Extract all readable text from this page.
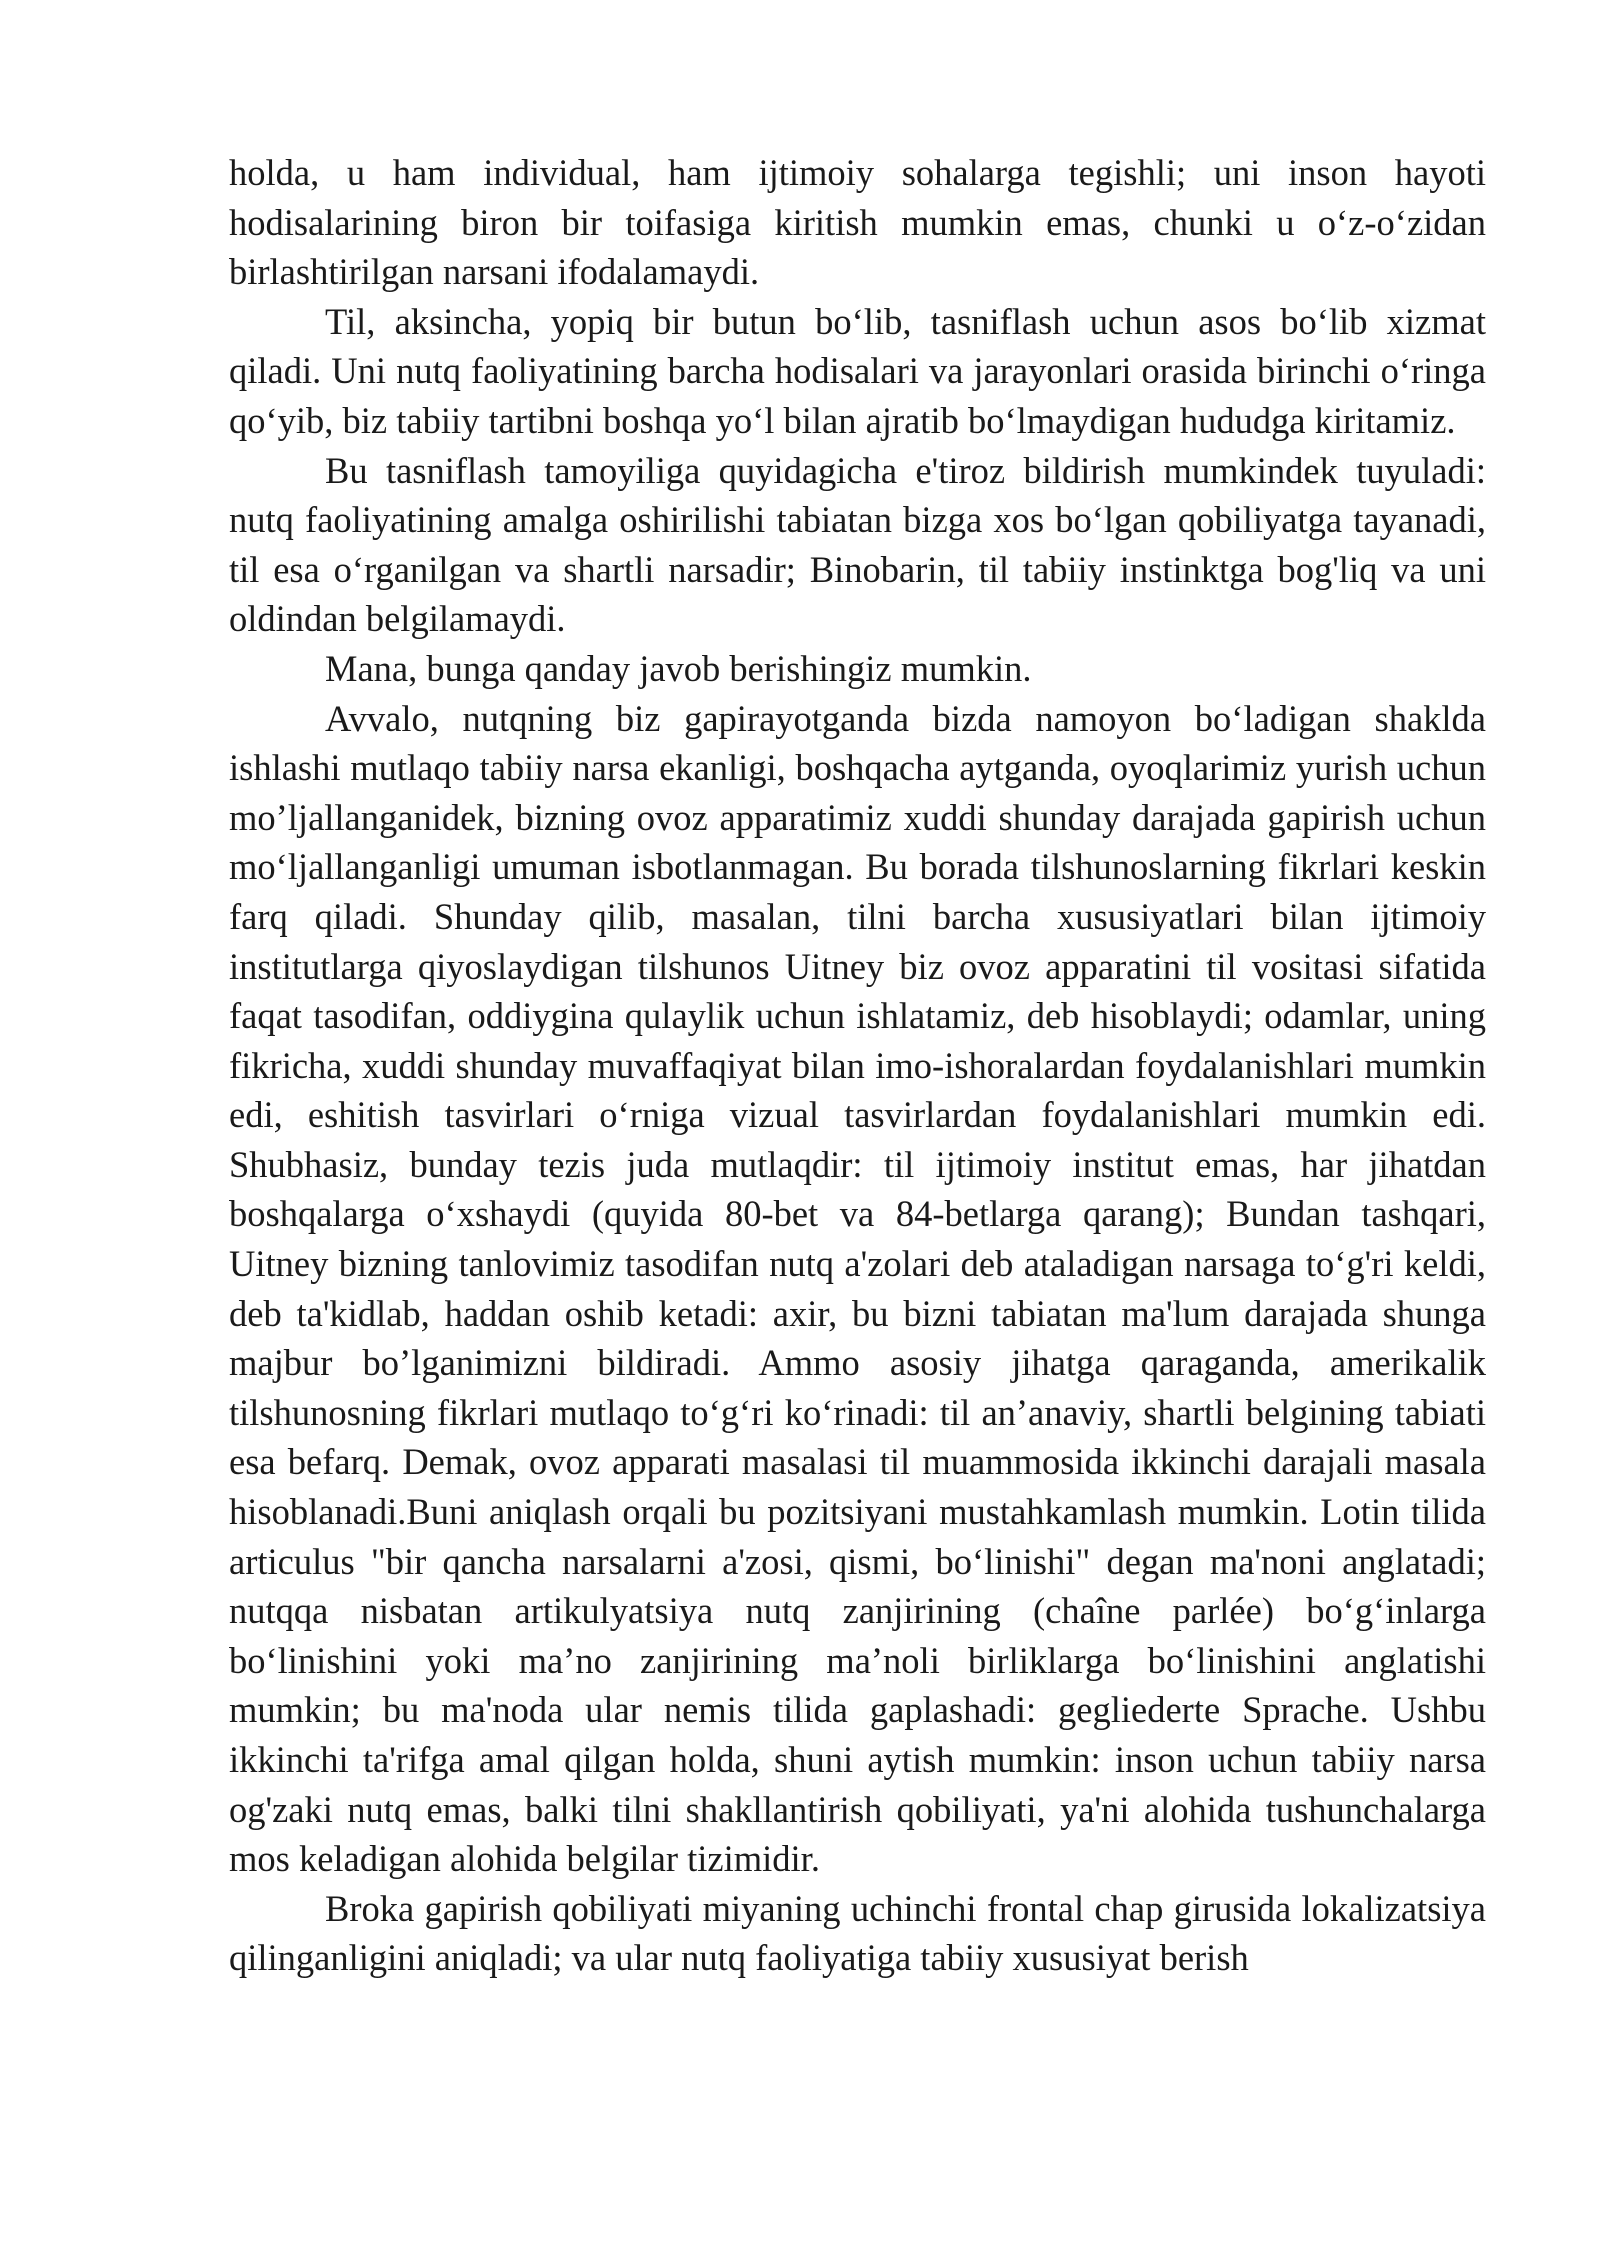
holda, u ham individual, ham ijtimoiy sohalarga tegishli; uni inson hayoti hodisalarining biron bir toifasiga kiritish mumkin emas, chunki u o‘z-o‘zidan birlashtirilgan narsani ifodalamaydi.

Til, aksincha, yopiq bir butun bo‘lib, tasniflash uchun asos bo‘lib xizmat qiladi. Uni nutq faoliyatining barcha hodisalari va jarayonlari orasida birinchi o‘ringa qo‘yib, biz tabiiy tartibni boshqa yo‘l bilan ajratib bo‘lmaydigan hududga kiritamiz.

Bu tasniflash tamoyiliga quyidagicha e'tiroz bildirish mumkindek tuyuladi: nutq faoliyatining amalga oshirilishi tabiatan bizga xos bo‘lgan qobiliyatga tayanadi, til esa o‘rganilgan va shartli narsadir; Binobarin, til tabiiy instinktga bog'liq va uni oldindan belgilamaydi.

Mana, bunga qanday javob berishingiz mumkin.

Avvalo, nutqning biz gapirayotganda bizda namoyon bo‘ladigan shaklda ishlashi mutlaqo tabiiy narsa ekanligi, boshqacha aytganda, oyoqlarimiz yurish uchun mo’ljallanganidek, bizning ovoz apparatimiz xuddi shunday darajada gapirish uchun mo‘ljallanganligi umuman isbotlanmagan. Bu borada tilshunoslarning fikrlari keskin farq qiladi. Shunday qilib, masalan, tilni barcha xususiyatlari bilan ijtimoiy institutlarga qiyoslaydigan tilshunos Uitney biz ovoz apparatini til vositasi sifatida faqat tasodifan, oddiygina qulaylik uchun ishlatamiz, deb hisoblaydi; odamlar, uning fikricha, xuddi shunday muvaffaqiyat bilan imo-ishoralardan foydalanishlari mumkin edi, eshitish tasvirlari o‘rniga vizual tasvirlardan foydalanishlari mumkin edi. Shubhasiz, bunday tezis juda mutlaqdir: til ijtimoiy institut emas, har jihatdan boshqalarga o‘xshaydi (quyida 80-bet va 84-betlarga qarang); Bundan tashqari, Uitney bizning tanlovimiz tasodifan nutq a'zolari deb ataladigan narsaga to‘g'ri keldi, deb ta'kidlab, haddan oshib ketadi: axir, bu bizni tabiatan ma'lum darajada shunga majbur bo’lganimizni bildiradi. Ammo asosiy jihatga qaraganda, amerikalik tilshunosning fikrlari mutlaqo to‘g‘ri ko‘rinadi: til an’anaviy, shartli belgining tabiati esa befarq. Demak, ovoz apparati masalasi til muammosida ikkinchi darajali masala hisoblanadi.Buni aniqlash orqali bu pozitsiyani mustahkamlash mumkin. Lotin tilida articulus "bir qancha narsalarni a'zosi, qismi, bo‘linishi" degan ma'noni anglatadi; nutqqa nisbatan artikulyatsiya nutq zanjirining (chaîne parlée) bo‘g‘inlarga bo‘linishini yoki ma’no zanjirining ma’noli birliklarga bo‘linishini anglatishi mumkin; bu ma'noda ular nemis tilida gaplashadi: gegliederte Sprache. Ushbu ikkinchi ta'rifga amal qilgan holda, shuni aytish mumkin: inson uchun tabiiy narsa og'zaki nutq emas, balki tilni shakllantirish qobiliyati, ya'ni alohida tushunchalarga mos keladigan alohida belgilar tizimidir.

Broka gapirish qobiliyati miyaning uchinchi frontal chap girusida lokalizatsiya qilinganligini aniqladi; va ular nutq faoliyatiga tabiiy xususiyat berish
